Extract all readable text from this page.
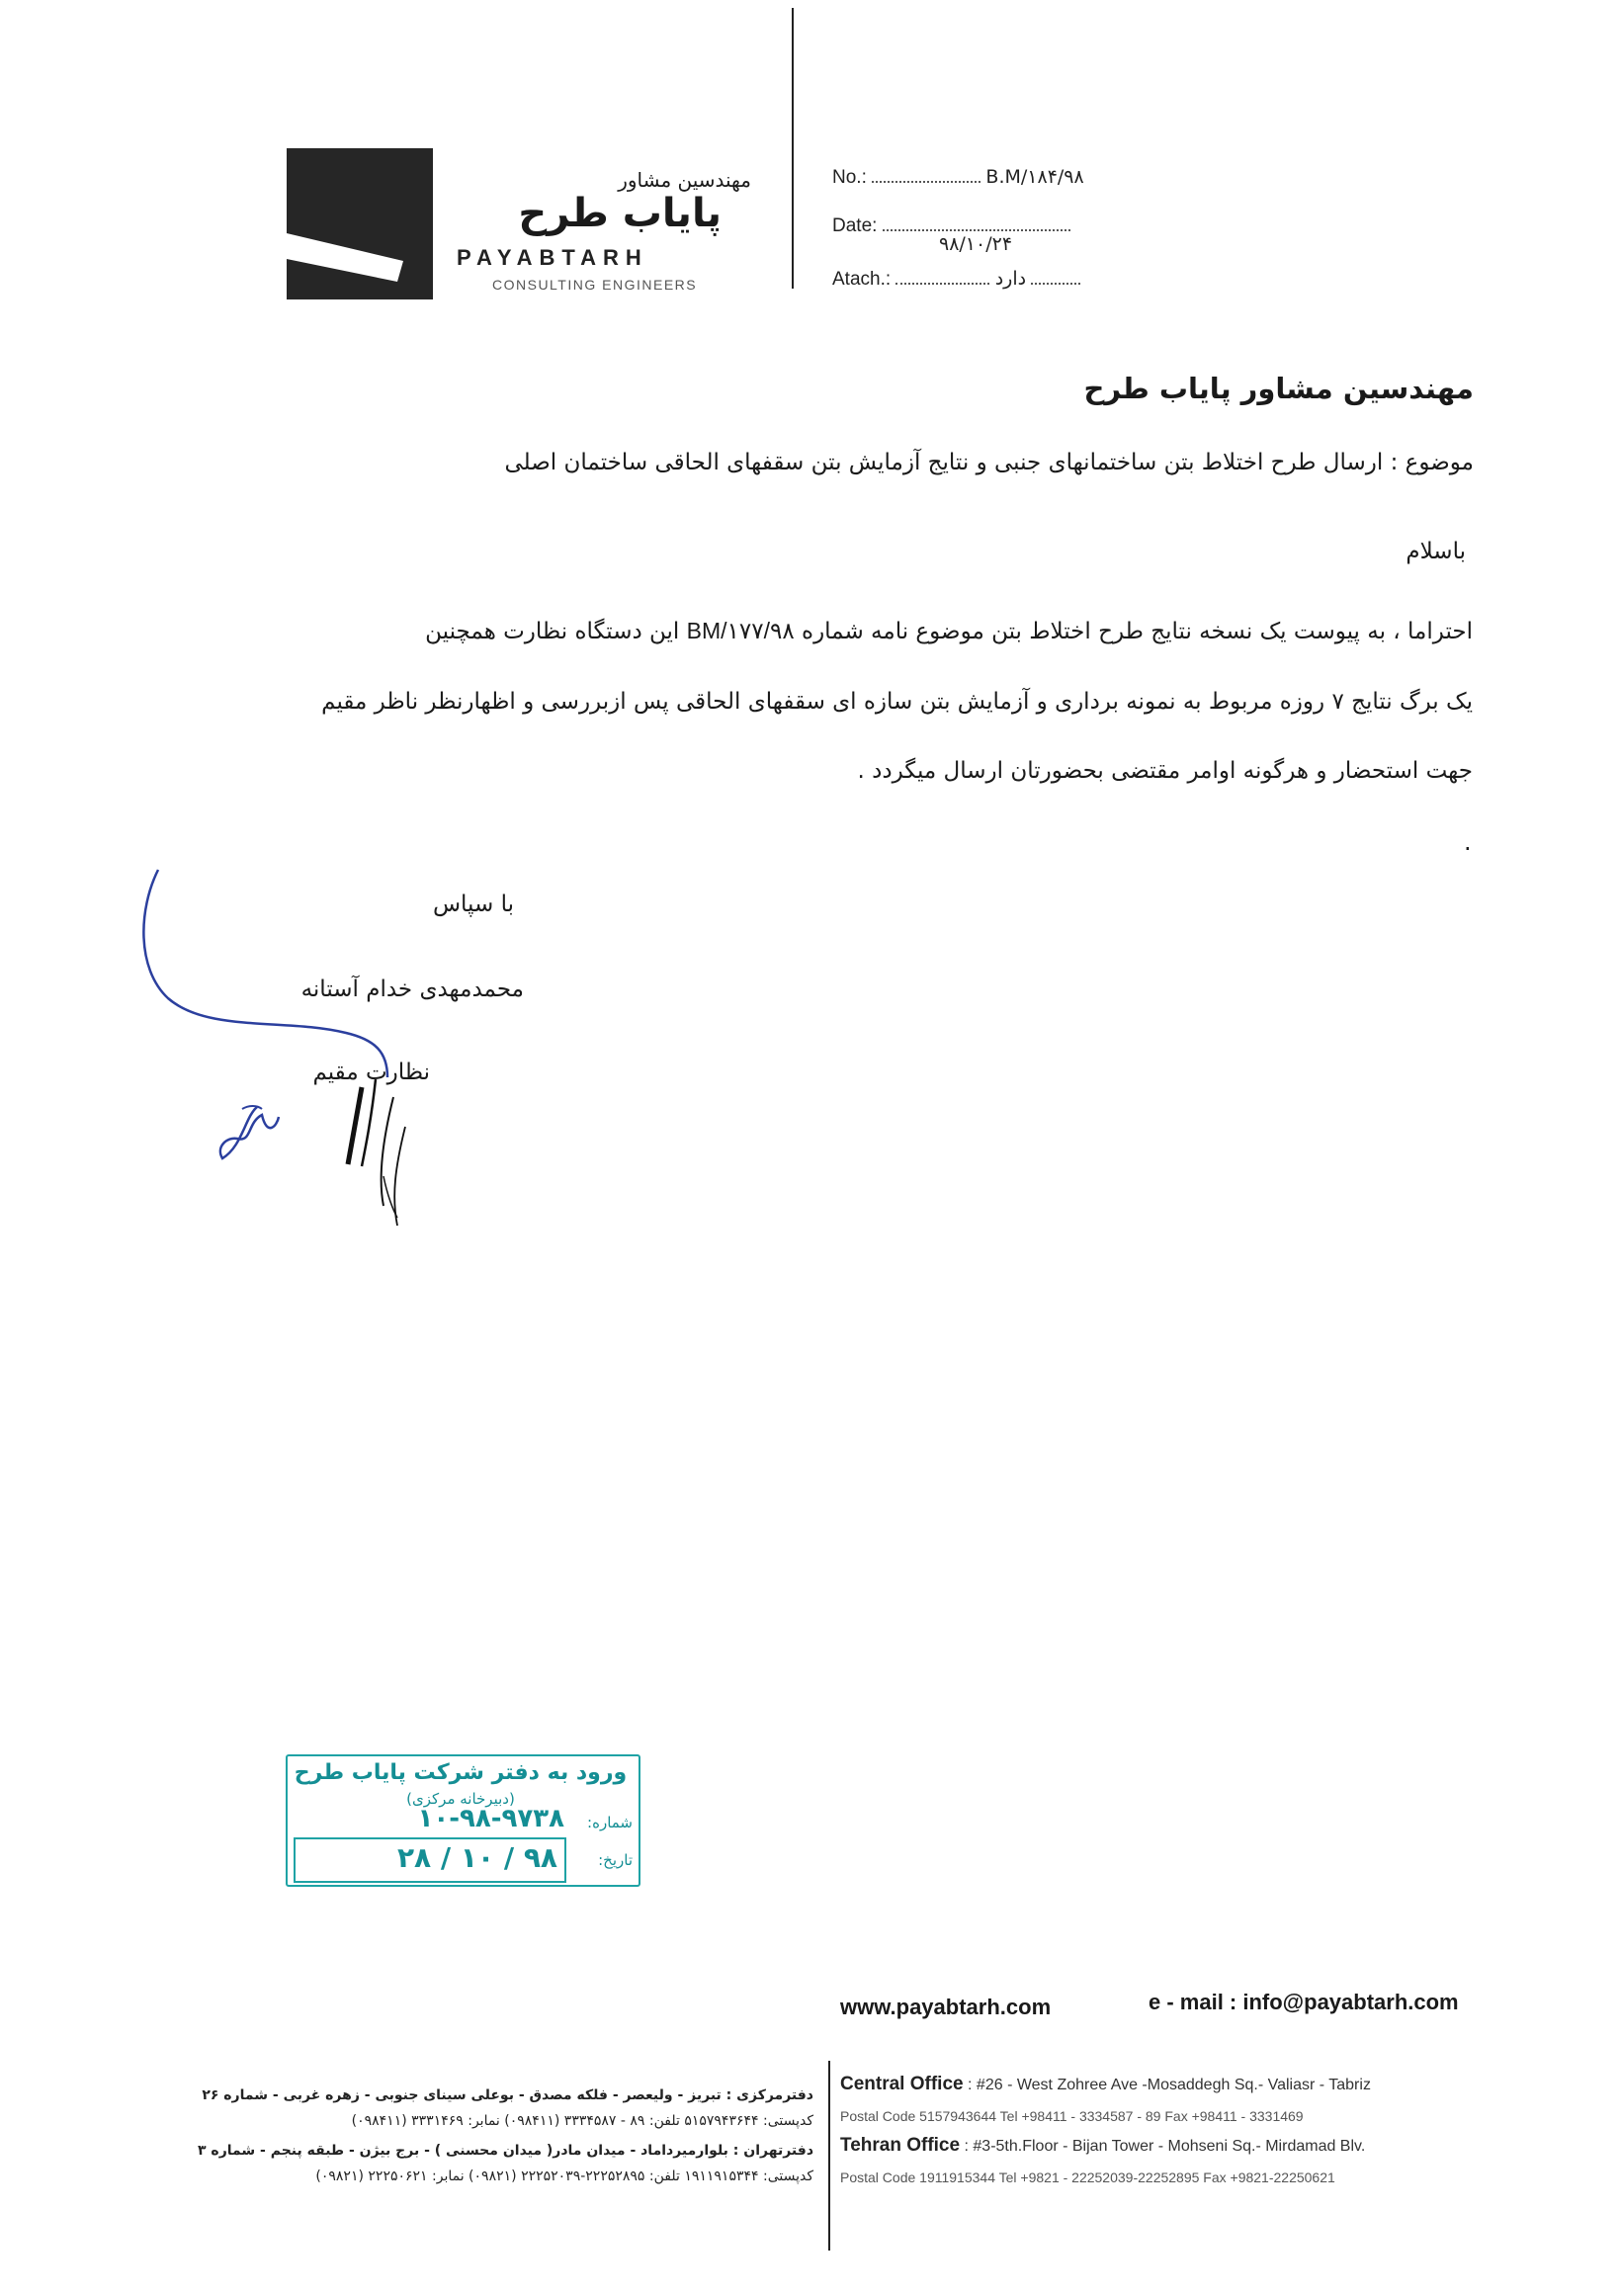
مهندسین مشاور
پایاب طرح
PAYABTARH
CONSULTING ENGINEERS
No.:	B.M/۱۸۴/۹۸
Date:
۹۸/۱۰/۲۴
Atach.:	دارد
مهندسین مشاور پایاب طرح
موضوع : ارسال طرح اختلاط بتن ساختمانهای جنبی و نتایج آزمایش بتن سقفهای الحاقی ساختمان اصلی
باسلام
احتراما ، به پیوست یک نسخه نتایج طرح اختلاط بتن موضوع نامه شماره BM/۱۷۷/۹۸ این دستگاه نظارت همچنین
یک برگ نتایج ۷ روزه مربوط به نمونه برداری و آزمایش بتن سازه ای سقفهای الحاقی پس ازبررسی و اظهارنظر ناظر مقیم
جهت استحضار و هرگونه اوامر مقتضی بحضورتان ارسال میگردد .
.
با سپاس
محمدمهدی خدام آستانه
نظارت مقیم
ورود به دفتر شرکت پایاب طرح
(دبیرخانه مرکزی)
شماره:
۱۰-۹۸-۹۷۳۸
تاریخ:
۹۸ / ۱۰ / ۲۸
www.payabtarh.com	e - mail : info@payabtarh.com
Central Office : #26 - West Zohree Ave -Mosaddegh Sq.- Valiasr - Tabriz
Postal Code 5157943644 Tel +98411 - 3334587 - 89 Fax +98411 - 3331469
Tehran Office : #3-5th.Floor - Bijan Tower - Mohseni Sq.- Mirdamad Blv.
Postal Code 1911915344 Tel +9821 - 22252039-22252895 Fax +9821-22250621
دفترمرکزی : تبریز - ولیعصر - فلکه مصدق - بوعلی سینای جنوبی - زهره غربی - شماره ۲۶
کدپستی: ۵۱۵۷۹۴۳۶۴۴ تلفن: ۸۹ - ۳۳۳۴۵۸۷ (۰۹۸۴۱۱) نمابر: ۳۳۳۱۴۶۹ (۰۹۸۴۱۱)
دفترتهران : بلوارمیرداماد - میدان مادر( میدان محسنی ) - برج بیژن - طبقه پنجم - شماره ۳
کدپستی: ۱۹۱۱۹۱۵۳۴۴ تلفن: ۲۲۲۵۲۸۹۵-۲۲۲۵۲۰۳۹ (۰۹۸۲۱) نمابر: ۲۲۲۵۰۶۲۱ (۰۹۸۲۱)
